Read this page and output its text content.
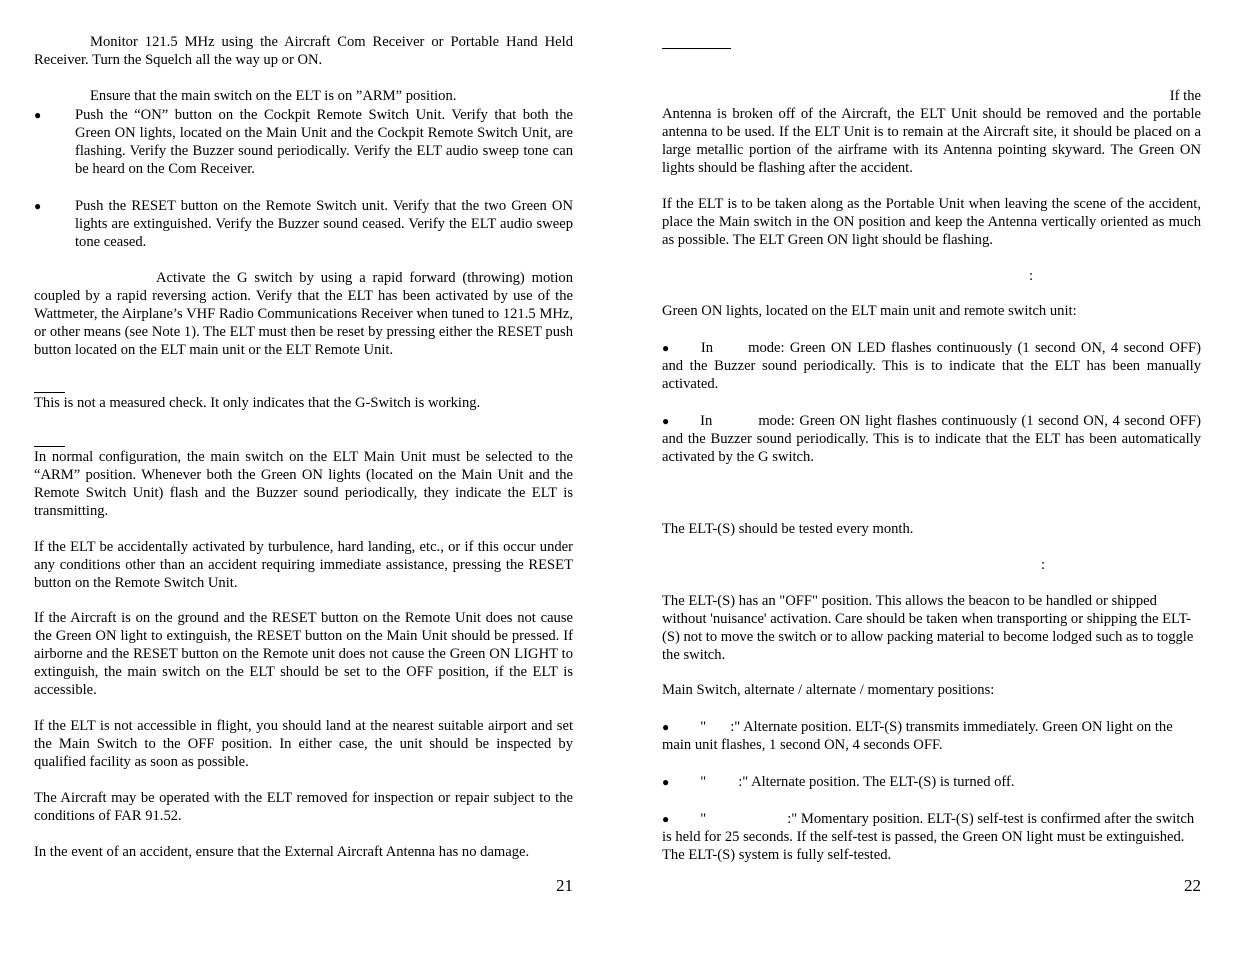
Monitor 121.5 MHz using the Aircraft Com Receiver or Portable Hand Held Receiver. Turn the Squelch all the way up or ON.

Ensure that the main switch on the ELT is on ”ARM” position.

● Push the “ON” button on the Cockpit Remote Switch Unit. Verify that both the Green ON lights, located on the Main Unit and the Cockpit Remote Switch Unit, are flashing. Verify the Buzzer sound periodically. Verify the ELT audio sweep tone can be heard on the Com Receiver.
● Push the RESET button on the Remote Switch unit. Verify that the two Green ON lights are extinguished. Verify the Buzzer sound ceased. Verify the ELT audio sweep tone ceased.

Activate the G switch by using a rapid forward (throwing) motion coupled by a rapid reversing action. Verify that the ELT has been activated by use of the Wattmeter, the Airplane’s VHF Radio Communications Receiver when tuned to 121.5 MHz, or other means (see Note 1). The ELT must then be reset by pressing either the RESET push button located on the ELT main unit or the ELT Remote Unit.

This is not a measured check. It only indicates that the G-Switch is working.

In normal configuration, the main switch on the ELT Main Unit must be selected to the “ARM” position. Whenever both the Green ON lights (located on the Main Unit and the Remote Switch Unit) flash and the Buzzer sound periodically, they indicate the ELT is transmitting.

If the ELT be accidentally activated by turbulence, hard landing, etc., or if this occur under any conditions other than an accident requiring immediate assistance, pressing the RESET button on the Remote Switch Unit.

If the Aircraft is on the ground and the RESET button on the Remote Unit does not cause the Green ON light to extinguish, the RESET button on the Main Unit should be pressed. If airborne and the RESET button on the Remote unit does not cause the Green ON LIGHT to extinguish, the main switch on the ELT should be set to the OFF position, if the ELT is accessible.

If the ELT is not accessible in flight, you should land at the nearest suitable airport and set the Main Switch to the OFF position. In either case, the unit should be inspected by qualified facility as soon as possible.

The Aircraft may be operated with the ELT removed for inspection or repair subject to the conditions of FAR 91.52.

In the event of an accident, ensure that the External Aircraft Antenna has no damage.

21

If the

Antenna is broken off of the Aircraft, the ELT Unit should be removed and the portable antenna to be used. If the ELT Unit is to remain at the Aircraft site, it should be placed on a large metallic portion of the airframe with its Antenna pointing skyward. The Green ON lights should be flashing after the accident.

If the ELT is to be taken along as the Portable Unit when leaving the scene of the accident, place the Main switch in the ON position and keep the Antenna vertically oriented as much as possible. The ELT Green ON light should be flashing.

:

Green ON lights, located on the ELT main unit and remote switch unit:

● In mode: Green ON LED flashes continuously (1 second ON, 4 second OFF) and the Buzzer sound periodically. This is to indicate that the ELT has been manually activated.
● In	mode: Green ON light flashes continuously (1 second ON, 4 second OFF) and the Buzzer sound periodically. This is to indicate that the ELT has been automatically activated by the G switch.

The ELT-(S) should be tested every month.

:

The ELT-(S) has an "OFF" position. This allows the beacon to be handled or shipped without 'nuisance' activation. Care should be taken when transporting or shipping the ELT-(S) not to move the switch or to allow packing material to become lodged such as to toggle the switch.

Main Switch, alternate / alternate / momentary positions:

● " :" Alternate position. ELT-(S) transmits immediately. Green ON light on the main unit flashes, 1 second ON, 4 seconds OFF.
● " :" Alternate position. The ELT-(S) is turned off.
● "	:" Momentary position. ELT-(S) self-test is confirmed after the switch is held for 25 seconds. If the self-test is passed, the Green ON light must be extinguished. The ELT-(S) system is fully self-tested.
22
